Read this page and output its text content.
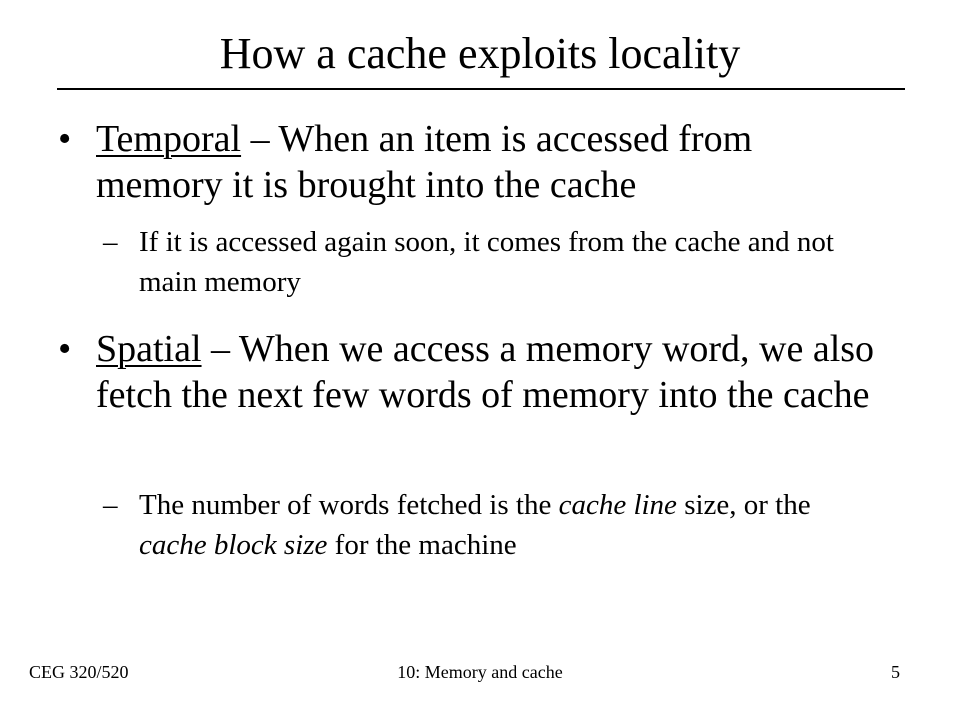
How a cache exploits locality

• Temporal – When an item is accessed from memory it is brought into the cache

– If it is accessed again soon, it comes from the cache and not main memory

• Spatial – When we access a memory word, we also fetch the next few words of memory into the cache

– The number of words fetched is the cache line size, or the cache block size for the machine

CEG 320/520	10: Memory and cache	5
